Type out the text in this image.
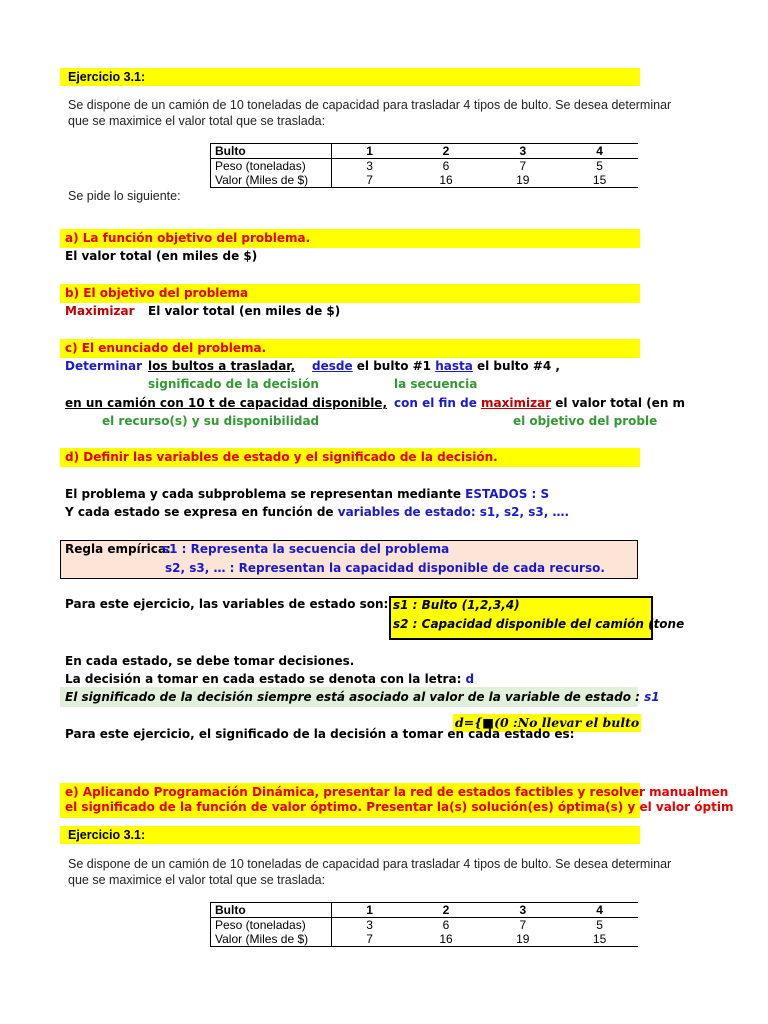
Ejercicio 3.1:
Se dispone de un camión de 10 toneladas de capacidad para trasladar 4 tipos de bulto. Se desea determinar
que se maximice el valor total que se traslada:
Bulto	1	2	3	4
Peso (toneladas)	3	6	7	5
Valor (Miles de $)	7	16	19	15
Se pide lo siguiente:
a) La función objetivo del problema.
El valor total (en miles de $)
b) El objetivo del problema
Maximizar El valor total (en miles de $)
c) El enunciado del problema.
Determinar los bultos a trasladar, desde el bulto #1 hasta el bulto #4 ,
significado de la decisión	la secuencia
en un camión con 10 t de capacidad disponible, con el fin de maximizar el valor total (en m
el recurso(s) y su disponibilidad	el objetivo del proble
d) Definir las variables de estado y el significado de la decisión.
El problema y cada subproblema se representan mediante ESTADOS : S
Y cada estado se expresa en función de variables de estado: s1, s2, s3, ….
Regla empírica:
s1 : Representa la secuencia del problema
s2, s3, … : Representan la capacidad disponible de cada recurso.
Para este ejercicio, las variables de estado son: s1 : Bulto (1,2,3,4)
s2 : Capacidad disponible del camión (tone
En cada estado, se debe tomar decisiones.
La decisión a tomar en cada estado se denota con la letra: d
El significado de la decisión siempre está asociado al valor de la variable de estado : s1
d={■(0 :No llevar el bulto
Para este ejercicio, el significado de la decisión a tomar en cada estado es:
e) Aplicando Programación Dinámica, presentar la red de estados factibles y resolver manualmen
el significado de la función de valor óptimo. Presentar la(s) solución(es) óptima(s) y el valor óptim
Ejercicio 3.1:
Se dispone de un camión de 10 toneladas de capacidad para trasladar 4 tipos de bulto. Se desea determinar
que se maximice el valor total que se traslada:
Bulto	1	2	3	4
Peso (toneladas)	3	6	7	5
Valor (Miles de $)	7	16	19	15
